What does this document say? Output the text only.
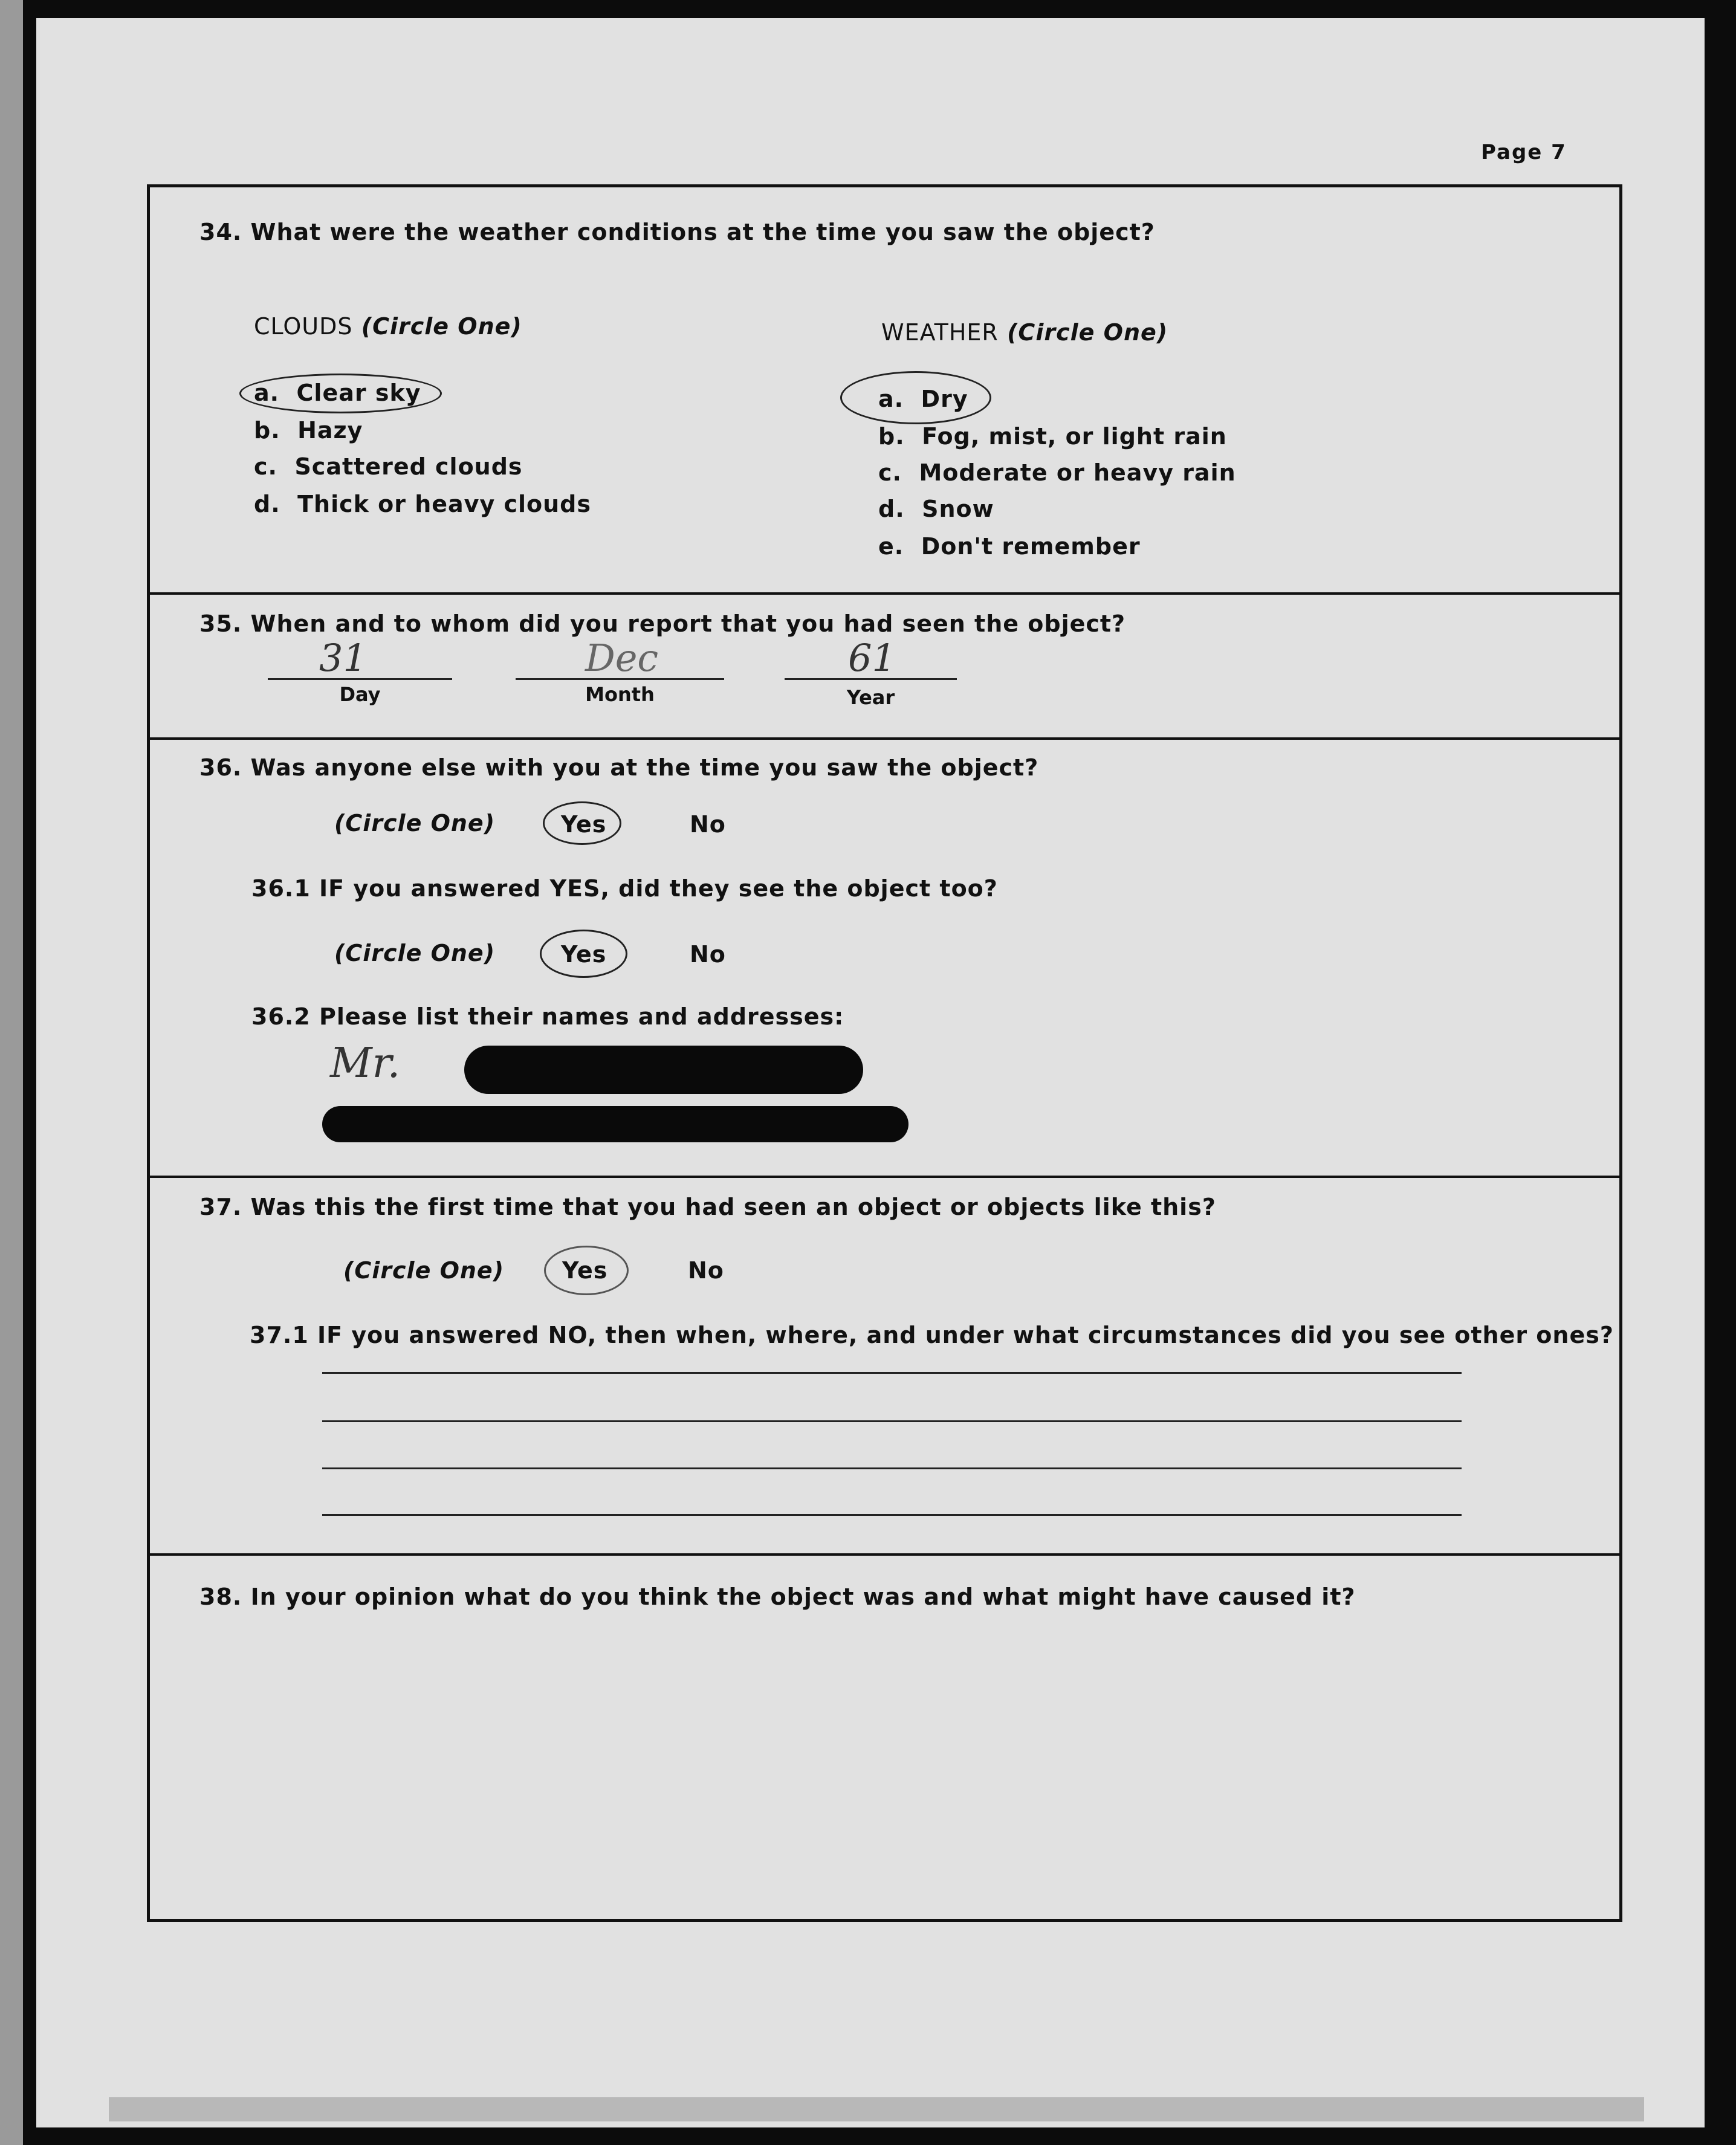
Page 7
34. What were the weather conditions at the time you saw the object?
CLOUDS (Circle One)	WEATHER (Circle One)
a. Clear sky
b. Hazy
c. Scattered clouds
d. Thick or heavy clouds
a. Dry
b. Fog, mist, or light rain
c. Moderate or heavy rain
d. Snow
e. Don't remember
35. When and to whom did you report that you had seen the object?
31
Day
Dec
Month
61
Year
36. Was anyone else with you at the time you saw the object?
(Circle One)	Yes	No
36.1 IF you answered YES, did they see the object too?
(Circle One)	Yes	No
36.2 Please list their names and addresses:
Mr.
37. Was this the first time that you had seen an object or objects like this?
(Circle One)	Yes	No
37.1 IF you answered NO, then when, where, and under what circumstances did you see other ones?
38. In your opinion what do you think the object was and what might have caused it?
